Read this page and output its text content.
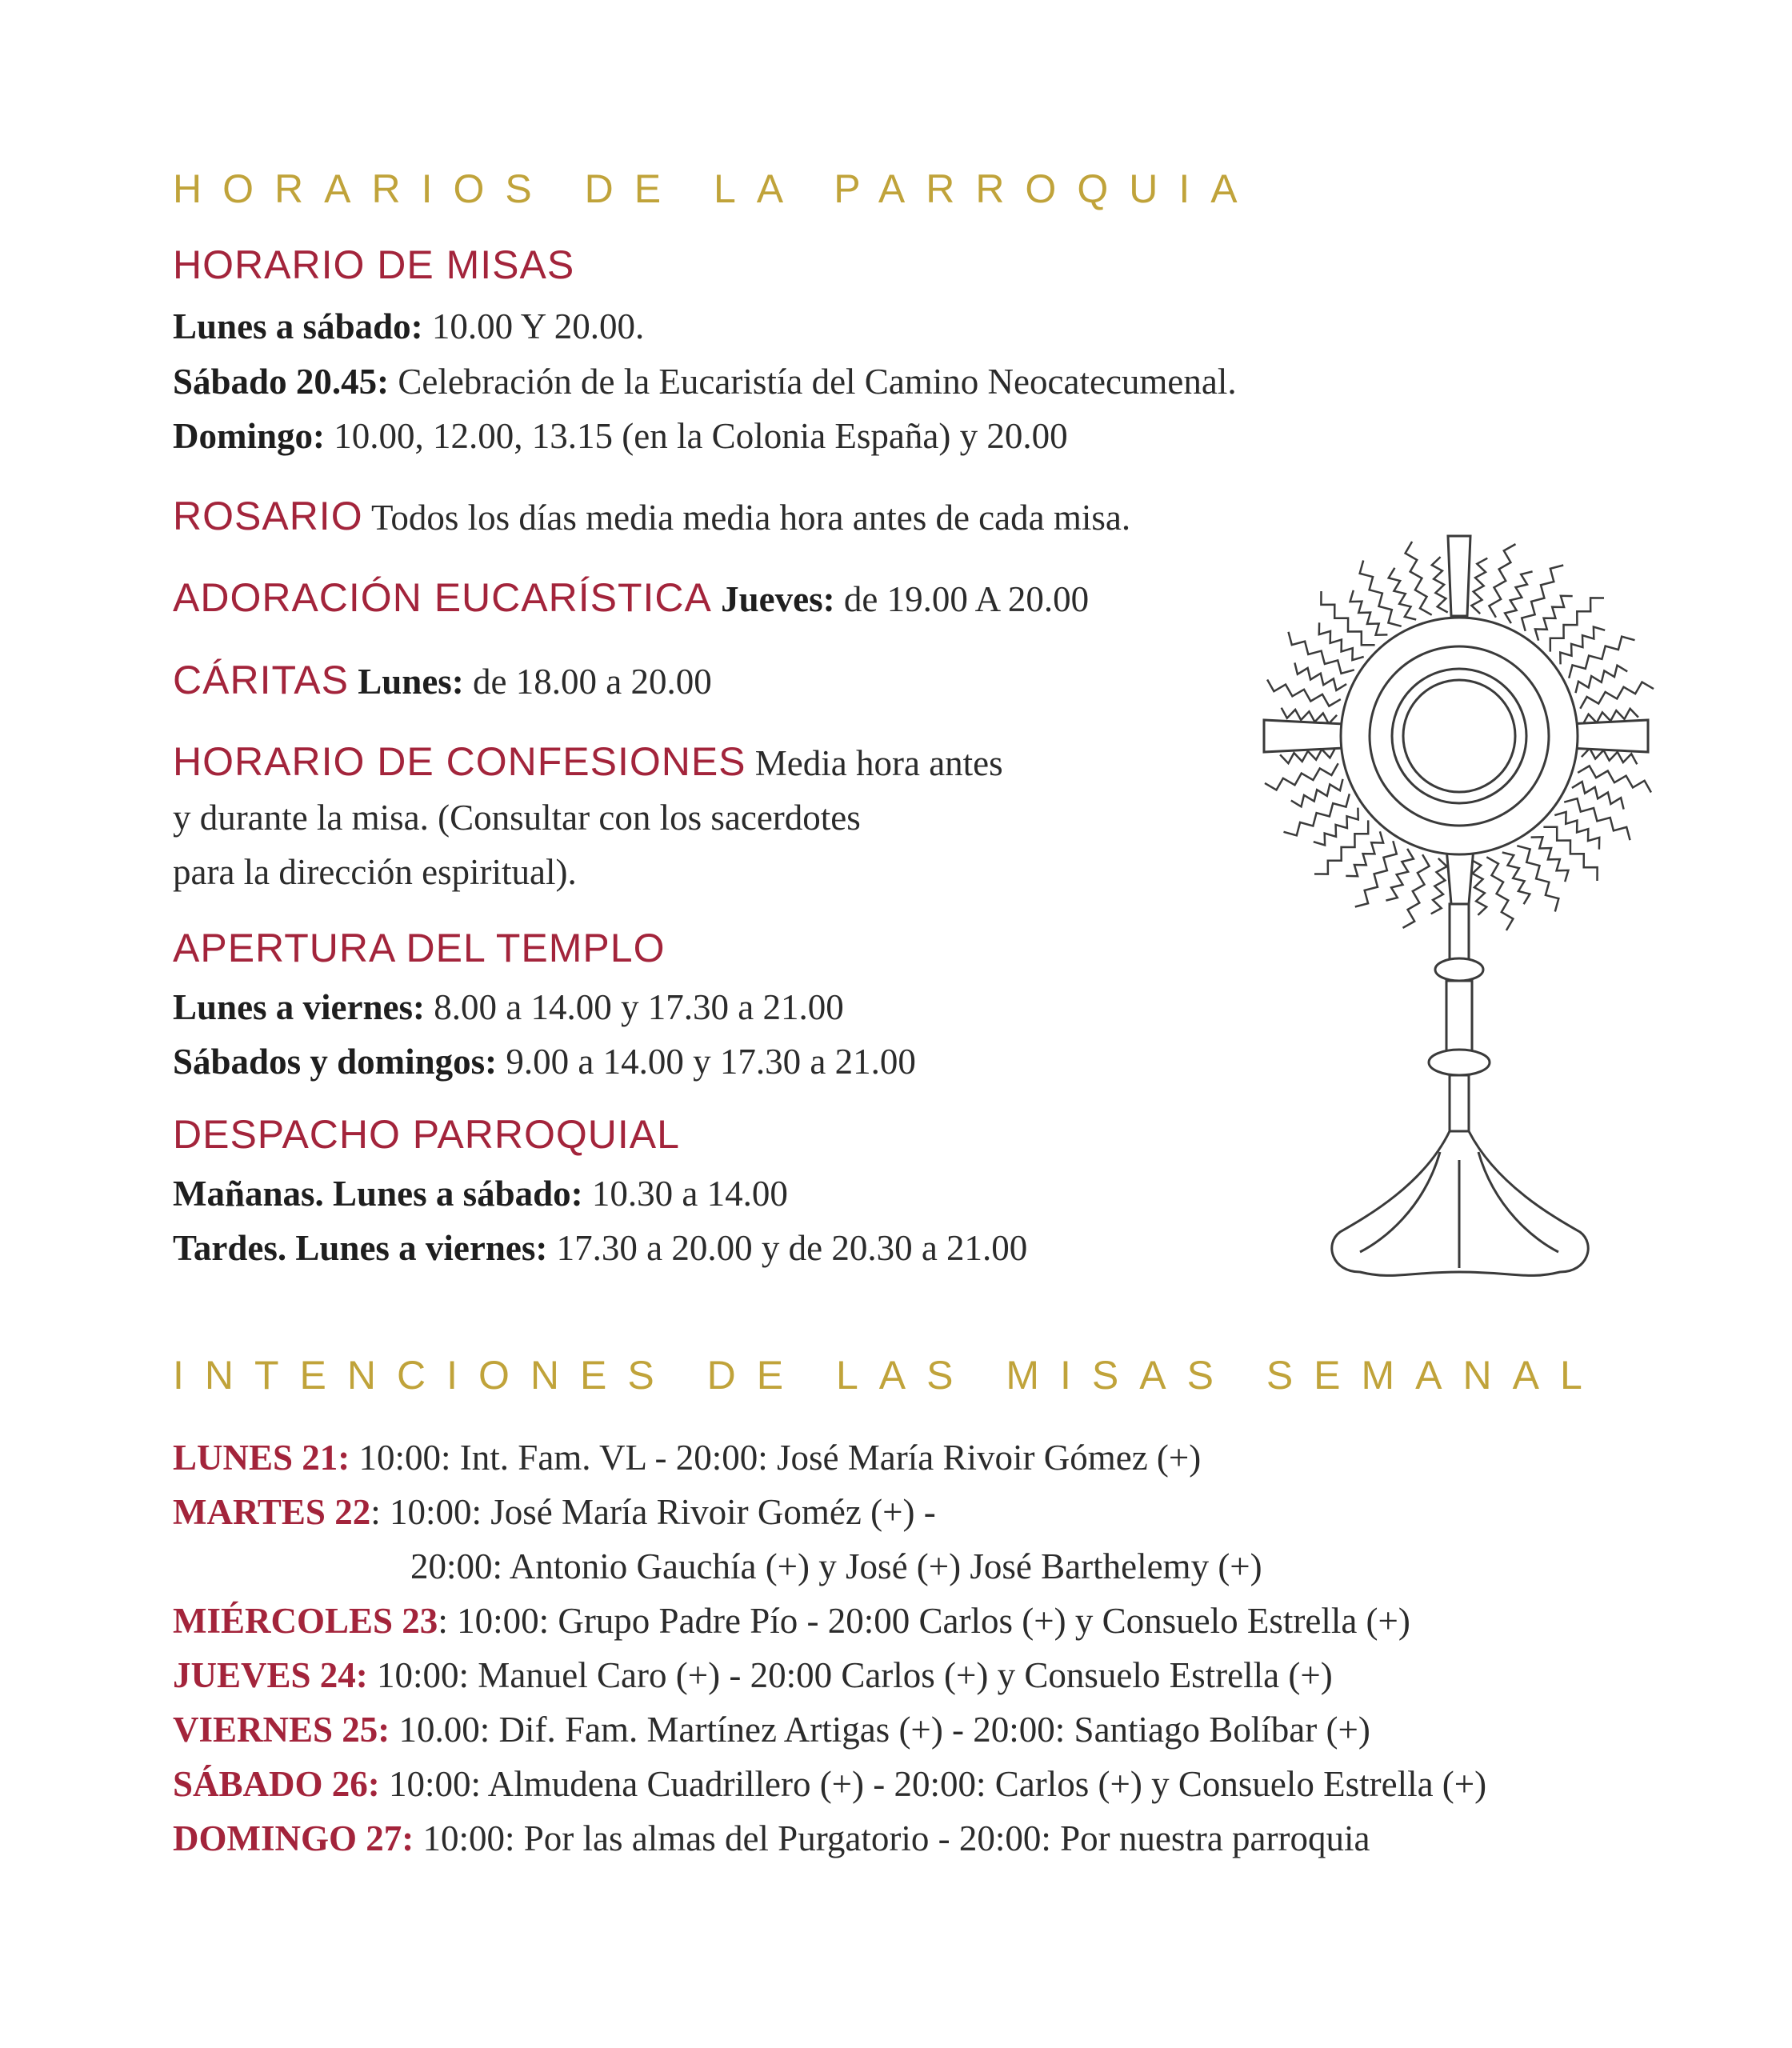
HORARIOS DE LA PARROQUIA

HORARIO DE MISAS

Lunes a sábado: 10.00 Y 20.00.

Sábado 20.45: Celebración de la Eucaristía del Camino Neocatecumenal.

Domingo: 10.00, 12.00, 13.15 (en la Colonia España) y 20.00

ROSARIO Todos los días media media hora antes de cada misa.

ADORACIÓN EUCARÍSTICA Jueves: de 19.00 A 20.00

CÁRITAS Lunes: de 18.00 a 20.00

HORARIO DE CONFESIONES Media hora antes

y durante la misa. (Consultar con los sacerdotes

para la dirección espiritual).

APERTURA DEL TEMPLO

Lunes a viernes: 8.00 a 14.00 y 17.30 a 21.00

Sábados y domingos: 9.00 a 14.00 y 17.30 a 21.00

DESPACHO PARROQUIAL

Mañanas. Lunes a sábado: 10.30 a 14.00

Tardes. Lunes a viernes: 17.30 a 20.00 y de 20.30 a 21.00

INTENCIONES DE LAS MISAS SEMANAL

LUNES 21: 10:00: Int. Fam. VL - 20:00: José María Rivoir Gómez (+)

MARTES 22: 10:00: José María Rivoir Goméz (+) -

20:00: Antonio Gauchía (+) y José (+) José Barthelemy (+)

MIÉRCOLES 23: 10:00: Grupo Padre Pío - 20:00 Carlos (+) y Consuelo Estrella (+)

JUEVES 24: 10:00: Manuel Caro (+) - 20:00 Carlos (+) y Consuelo Estrella (+)

VIERNES 25: 10.00: Dif. Fam. Martínez Artigas (+) - 20:00: Santiago Bolíbar (+)

SÁBADO 26: 10:00: Almudena Cuadrillero (+) - 20:00: Carlos (+) y Consuelo Estrella (+)

DOMINGO 27: 10:00: Por las almas del Purgatorio - 20:00: Por nuestra parroquia
